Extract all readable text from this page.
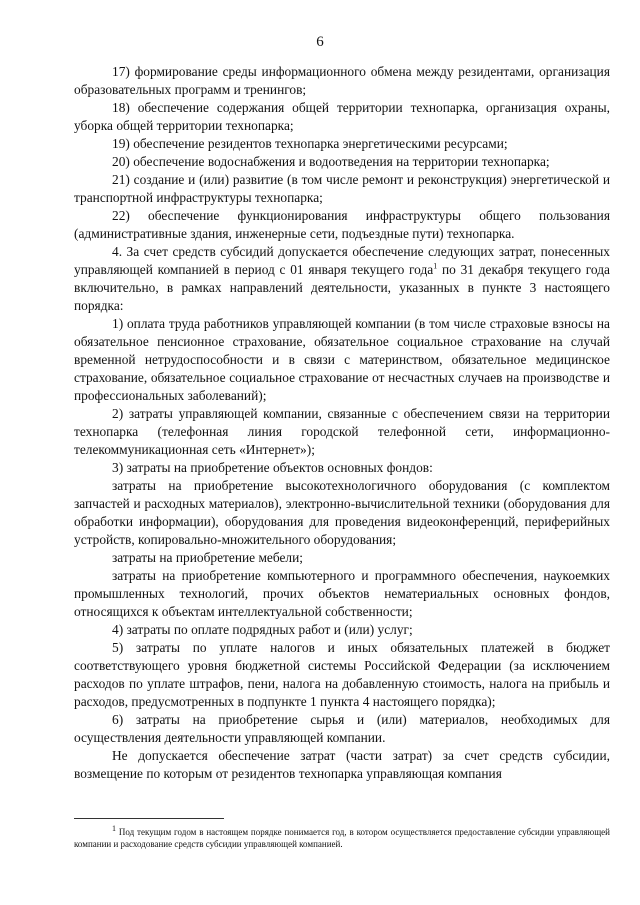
6

17) формирование среды информационного обмена между резидентами, организация образовательных программ и тренингов;

18) обеспечение содержания общей территории технопарка, организация охраны, уборка общей территории технопарка;

19) обеспечение резидентов технопарка энергетическими ресурсами;

20) обеспечение водоснабжения и водоотведения на территории технопарка;

21) создание и (или) развитие (в том числе ремонт и реконструкция) энергетической и транспортной инфраструктуры технопарка;

22) обеспечение функционирования инфраструктуры общего пользования (административные здания, инженерные сети, подъездные пути) технопарка.

4. За счет средств субсидий допускается обеспечение следующих затрат, понесенных управляющей компанией в период с 01 января текущего года$^1$ по 31 декабря текущего года включительно, в рамках направлений деятельности, указанных в пункте 3 настоящего порядка:

1) оплата труда работников управляющей компании (в том числе страховые взносы на обязательное пенсионное страхование, обязательное социальное страхование на случай временной нетрудоспособности и в связи с материнством, обязательное медицинское страхование, обязательное социальное страхование от несчастных случаев на производстве и профессиональных заболеваний);

2) затраты управляющей компании, связанные с обеспечением связи на территории технопарка (телефонная линия городской телефонной сети, информационно-телекоммуникационная сеть «Интернет»);

3) затраты на приобретение объектов основных фондов:

затраты на приобретение высокотехнологичного оборудования (с комплектом запчастей и расходных материалов), электронно-вычислительной техники (оборудования для обработки информации), оборудования для проведения видеоконференций, периферийных устройств, копировально-множительного оборудования;

затраты на приобретение мебели;

затраты на приобретение компьютерного и программного обеспечения, наукоемких промышленных технологий, прочих объектов нематериальных основных фондов, относящихся к объектам интеллектуальной собственности;

4) затраты по оплате подрядных работ и (или) услуг;

5) затраты по уплате налогов и иных обязательных платежей в бюджет соответствующего уровня бюджетной системы Российской Федерации (за исключением расходов по уплате штрафов, пени, налога на добавленную стоимость, налога на прибыль и расходов, предусмотренных в подпункте 1 пункта 4 настоящего порядка);

6) затраты на приобретение сырья и (или) материалов, необходимых для осуществления деятельности управляющей компании.

Не допускается обеспечение затрат (части затрат) за счет средств субсидии, возмещение по которым от резидентов технопарка управляющая компания

$^1$ Под текущим годом в настоящем порядке понимается год, в котором осуществляется предоставление субсидии управляющей компании и расходование средств субсидии управляющей компанией.
